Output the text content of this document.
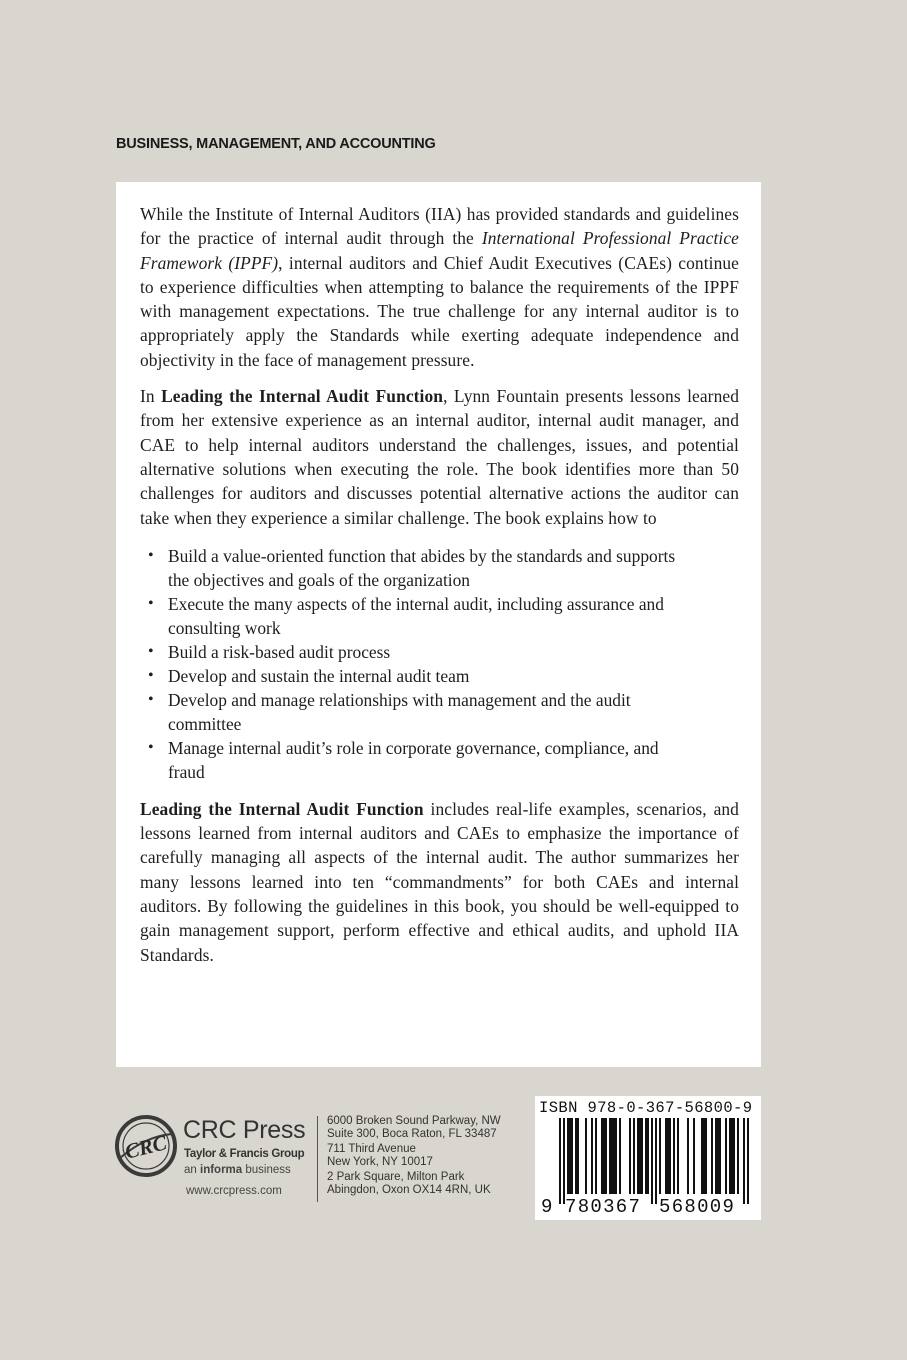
BUSINESS, MANAGEMENT, AND ACCOUNTING

While the Institute of Internal Auditors (IIA) has provided standards and guidelines for the practice of internal audit through the International Professional Practice Framework (IPPF), internal auditors and Chief Audit Executives (CAEs) continue to experience difficulties when attempting to balance the requirements of the IPPF with management expectations. The true challenge for any internal auditor is to appropriately apply the Standards while exerting adequate independence and objectivity in the face of management pressure.

In Leading the Internal Audit Function, Lynn Fountain presents lessons learned from her extensive experience as an internal auditor, internal audit manager, and CAE to help internal auditors understand the challenges, issues, and potential alternative solutions when executing the role. The book identifies more than 50 challenges for auditors and discusses potential alternative actions the auditor can take when they experience a similar challenge. The book explains how to

• Build a value-oriented function that abides by the standards and supports the objectives and goals of the organization
• Execute the many aspects of the internal audit, including assurance and consulting work
• Build a risk-based audit process
• Develop and sustain the internal audit team
• Develop and manage relationships with management and the audit committee
• Manage internal audit’s role in corporate governance, compliance, and fraud

Leading the Internal Audit Function includes real-life examples, scenarios, and lessons learned from internal auditors and CAEs to emphasize the importance of carefully managing all aspects of the internal audit. The author summarizes her many lessons learned into ten “commandments” for both CAEs and internal auditors. By following the guidelines in this book, you should be well-equipped to gain management support, perform effective and ethical audits, and uphold IIA Standards.

CRC
CRC Press
Taylor & Francis Group
an informa business
www.crcpress.com
6000 Broken Sound Parkway, NW
Suite 300, Boca Raton, FL 33487
711 Third Avenue
New York, NY 10017
2 Park Square, Milton Park
Abingdon, Oxon OX14 4RN, UK
ISBN 978-0-367-56800-9
9 780367 568009
